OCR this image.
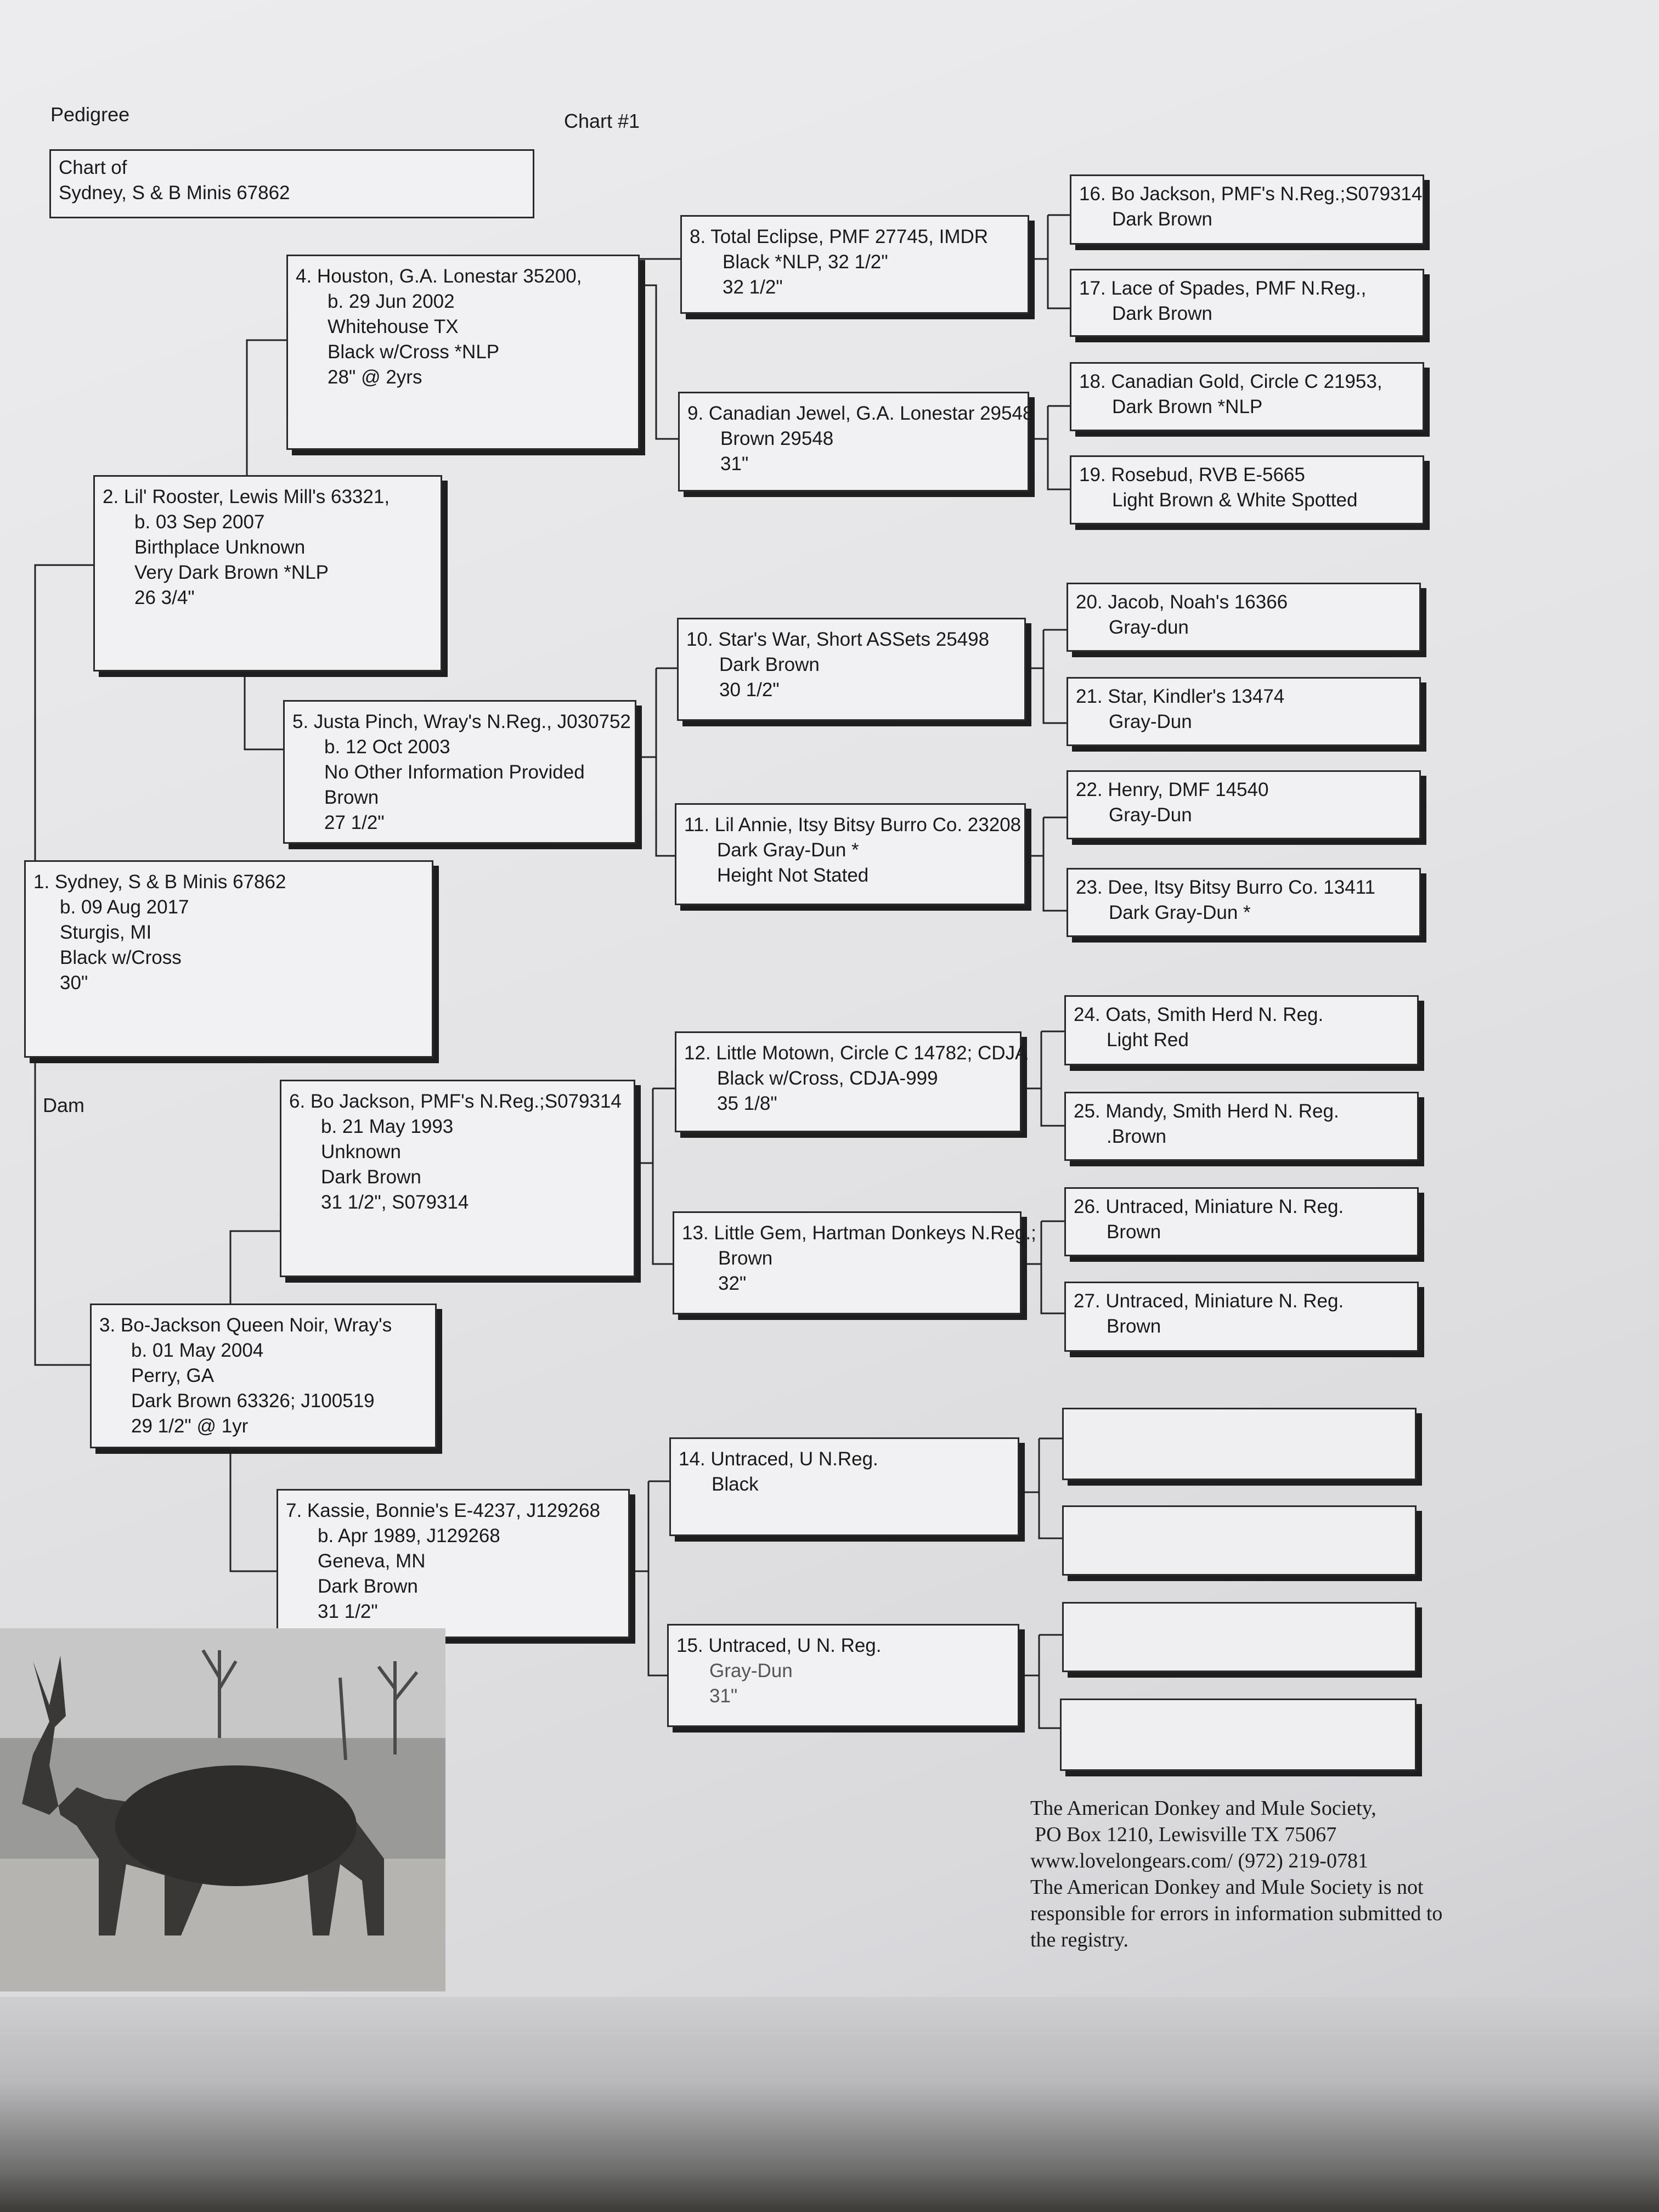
Pedigree	Chart #1
Chart of
Sydney, S & B Minis 67862
Dam
1. Sydney, S & B Minis 67862
b. 09 Aug 2017
Sturgis, MI
Black w/Cross
30"
2. Lil' Rooster, Lewis Mill's 63321,
b. 03 Sep 2007
Birthplace Unknown
Very Dark Brown *NLP
26 3/4"
3. Bo-Jackson Queen Noir, Wray's
b. 01 May 2004
Perry, GA
Dark Brown 63326; J100519
29 1/2" @ 1yr
4. Houston, G.A. Lonestar 35200,
b. 29 Jun 2002
Whitehouse TX
Black w/Cross *NLP
28" @ 2yrs
5. Justa Pinch, Wray's N.Reg., J030752
b. 12 Oct 2003
No Other Information Provided
Brown
27 1/2"
6. Bo Jackson, PMF's N.Reg.;S079314
b. 21 May 1993
Unknown
Dark Brown
31 1/2", S079314
7. Kassie, Bonnie's E-4237, J129268
b. Apr 1989, J129268
Geneva, MN
Dark Brown
31 1/2"
8. Total Eclipse, PMF 27745, IMDR
Black *NLP, 32 1/2"
32 1/2"
9. Canadian Jewel, G.A. Lonestar 29548
Brown 29548
31"
10. Star's War, Short ASSets 25498
Dark Brown
30 1/2"
11. Lil Annie, Itsy Bitsy Burro Co. 23208
Dark Gray-Dun *
Height Not Stated
12. Little Motown, Circle C 14782; CDJA
Black w/Cross, CDJA-999
35 1/8"
13. Little Gem, Hartman Donkeys N.Reg.;
Brown
32"
14. Untraced, U N.Reg.
Black
15. Untraced, U N. Reg.
Gray-Dun
31"
16. Bo Jackson, PMF's N.Reg.;S079314
Dark Brown
17. Lace of Spades, PMF N.Reg.,
Dark Brown
18. Canadian Gold, Circle C 21953,
Dark Brown *NLP
19. Rosebud, RVB E-5665
Light Brown & White Spotted
20. Jacob, Noah's 16366
Gray-dun
21. Star, Kindler's 13474
Gray-Dun
22. Henry, DMF 14540
Gray-Dun
23. Dee, Itsy Bitsy Burro Co. 13411
Dark Gray-Dun *
24. Oats, Smith Herd N. Reg.
Light Red
25. Mandy, Smith Herd N. Reg.
.Brown
26. Untraced, Miniature N. Reg.
Brown
27. Untraced, Miniature N. Reg.
Brown
The American Donkey and Mule Society,
PO Box 1210, Lewisville TX 75067
www.lovelongears.com/ (972) 219-0781
The American Donkey and Mule Society is not
responsible for errors in information submitted to
the registry.
